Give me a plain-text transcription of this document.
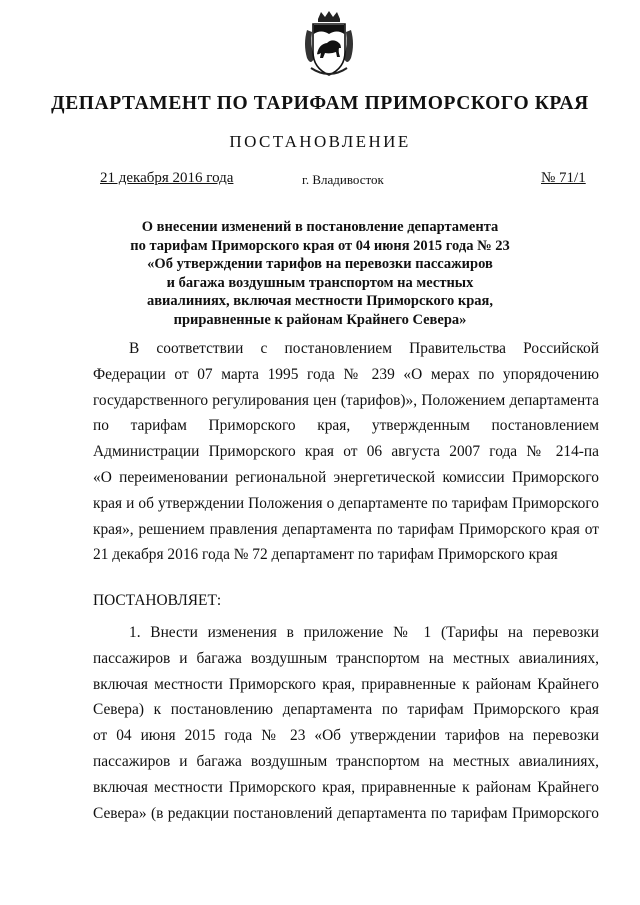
ДЕПАРТАМЕНТ ПО ТАРИФАМ ПРИМОРСКОГО КРАЯ
ПОСТАНОВЛЕНИЕ
21 декабря 2016 года	г. Владивосток	№ 71/1
О внесении изменений в постановление департамента
по тарифам Приморского края от 04 июня 2015 года № 23
«Об утверждении тарифов на перевозки пассажиров
и багажа воздушным транспортом на местных
авиалиниях, включая местности Приморского края,
приравненные к районам Крайнего Севера»
В соответствии с постановлением Правительства Российской
Федерации от 07 марта 1995 года № 239 «О мерах по упорядочению
государственного регулирования цен (тарифов)», Положением департамента
по тарифам Приморского края, утвержденным постановлением
Администрации Приморского края от 06 августа 2007 года № 214-па
«О переименовании региональной энергетической комиссии Приморского
края и об утверждении Положения о департаменте по тарифам Приморского
края», решением правления департамента по тарифам Приморского края от
21 декабря 2016 года № 72 департамент по тарифам Приморского края
ПОСТАНОВЛЯЕТ:
1. Внести изменения в приложение № 1 (Тарифы на перевозки
пассажиров и багажа воздушным транспортом на местных авиалиниях,
включая местности Приморского края, приравненные к районам Крайнего
Севера) к постановлению департамента по тарифам Приморского края
от 04 июня 2015 года № 23 «Об утверждении тарифов на перевозки
пассажиров и багажа воздушным транспортом на местных авиалиниях,
включая местности Приморского края, приравненные к районам Крайнего
Севера» (в редакции постановлений департамента по тарифам Приморского
